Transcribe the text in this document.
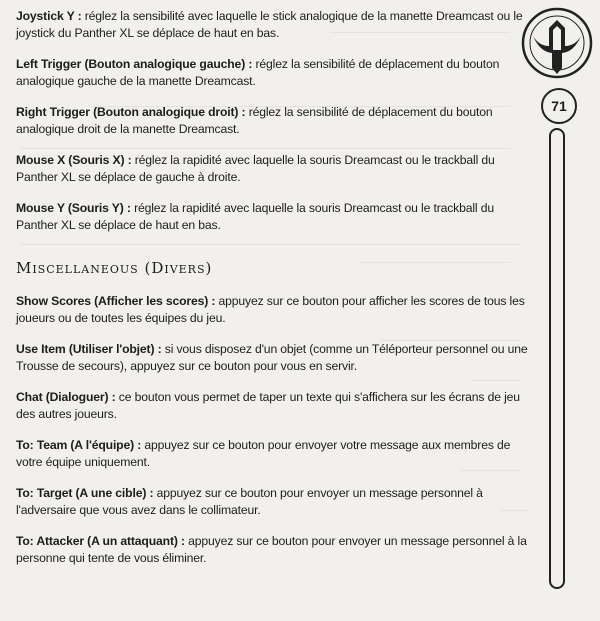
71
Joystick Y : réglez la sensibilité avec laquelle le stick analogique de la manette Dreamcast ou le joystick du Panther XL se déplace de haut en bas.
Left Trigger (Bouton analogique gauche) : réglez la sensibilité de déplacement du bouton analogique gauche de la manette Dreamcast.
Right Trigger (Bouton analogique droit) : réglez la sensibilité de déplacement du bouton analogique droit de la manette Dreamcast.
Mouse X (Souris X) : réglez la rapidité avec laquelle la souris Dreamcast ou le trackball du Panther XL se déplace de gauche à droite.
Mouse Y (Souris Y) : réglez la rapidité avec laquelle la souris Dreamcast ou le trackball du Panther XL se déplace de haut en bas.
Miscellaneous (Divers)
Show Scores (Afficher les scores) : appuyez sur ce bouton pour afficher les scores de tous les joueurs ou de toutes les équipes du jeu.
Use Item (Utiliser l'objet) : si vous disposez d'un objet (comme un Téléporteur personnel ou une Trousse de secours), appuyez sur ce bouton pour vous en servir.
Chat (Dialoguer) : ce bouton vous permet de taper un texte qui s'affichera sur les écrans de jeu des autres joueurs.
To: Team (A l'équipe) : appuyez sur ce bouton pour envoyer votre message aux membres de votre équipe uniquement.
To: Target (A une cible) : appuyez sur ce bouton pour envoyer un message personnel à l'adversaire que vous avez dans le collimateur.
To: Attacker (A un attaquant) : appuyez sur ce bouton pour envoyer un message personnel à la personne qui tente de vous éliminer.
